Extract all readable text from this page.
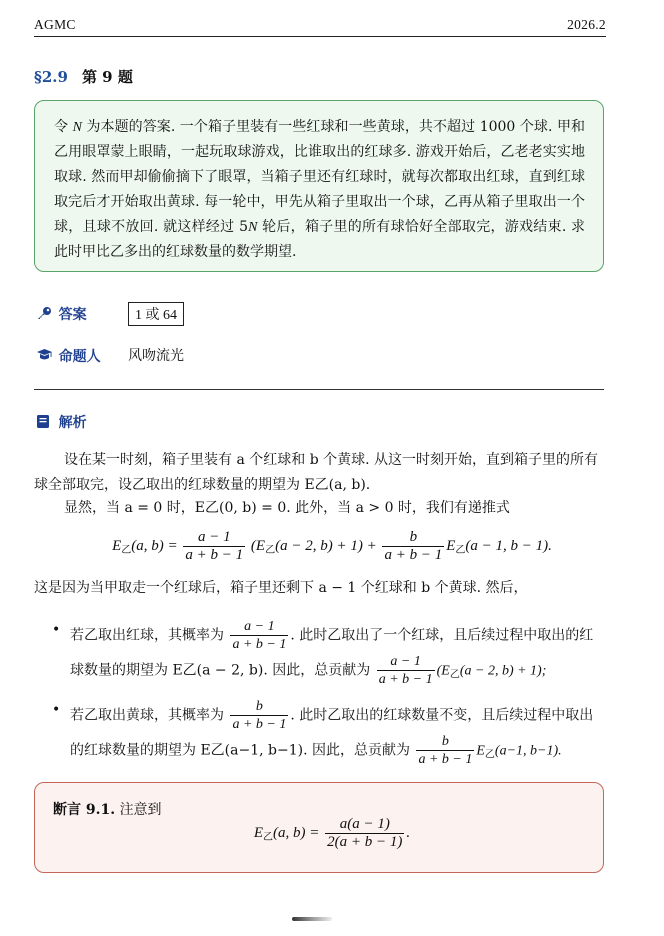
AGMC	2026.2
§2.9 第 9 题
令 N 为本题的答案. 一个箱子里装有一些红球和一些黄球，共不超过 1000 个球. 甲和乙用眼罩蒙上眼睛，一起玩取球游戏，比谁取出的红球多. 游戏开始后，乙老老实实地取球. 然而甲却偷偷摘下了眼罩，当箱子里还有红球时，就每次都取出红球，直到红球取完后才开始取出黄球. 每一轮中，甲先从箱子里取出一个球，乙再从箱子里取出一个球，且球不放回. 就这样经过 5N 轮后，箱子里的所有球恰好全部取完，游戏结束. 求此时甲比乙多出的红球数量的数学期望.
答案	1 或 64
命题人 风吻流光
解析
设在某一时刻，箱子里装有 a 个红球和 b 个黄球. 从这一时刻开始，直到箱子里的所有球全部取完，设乙取出的红球数量的期望为 E乙(a, b).
显然，当 a = 0 时，E乙(0, b) = 0. 此外，当 a > 0 时，我们有递推式
$E_乙(a$, $b) = \frac{a - 1}{a + b - 1} (E_乙(a - 2$, $b) + 1) + \frac{b}{a + b - 1} E_乙(a - 1$, b − 1).
这是因为当甲取走一个红球后，箱子里还剩下 a − 1 个红球和 b 个黄球. 然后，
• 若乙取出红球，其概率为 $\frac{a - 1}{a + b - 1}$ . 此时乙取出了一个红球，且后续过程中取出的红球数量的期望为 E乙(a − 2, b). 因此，总贡献为 $\frac{a - 1}{a + b - 1} (E_乙(a - 2$, b) + 1);
• 若乙取出黄球，其概率为 $\frac{b}{a + b - 1}$ . 此时乙取出的红球数量不变，且后续过程中取出的红球数量的期望为 E乙(a−1, b−1). 因此，总贡献为 $\frac{b}{a + b - 1} E_乙(a-1$, b−1).
断言 9.1. 注意到
$E_乙(a$, $b) = \frac{a(a - 1)}{2(a + b - 1)}$ .
